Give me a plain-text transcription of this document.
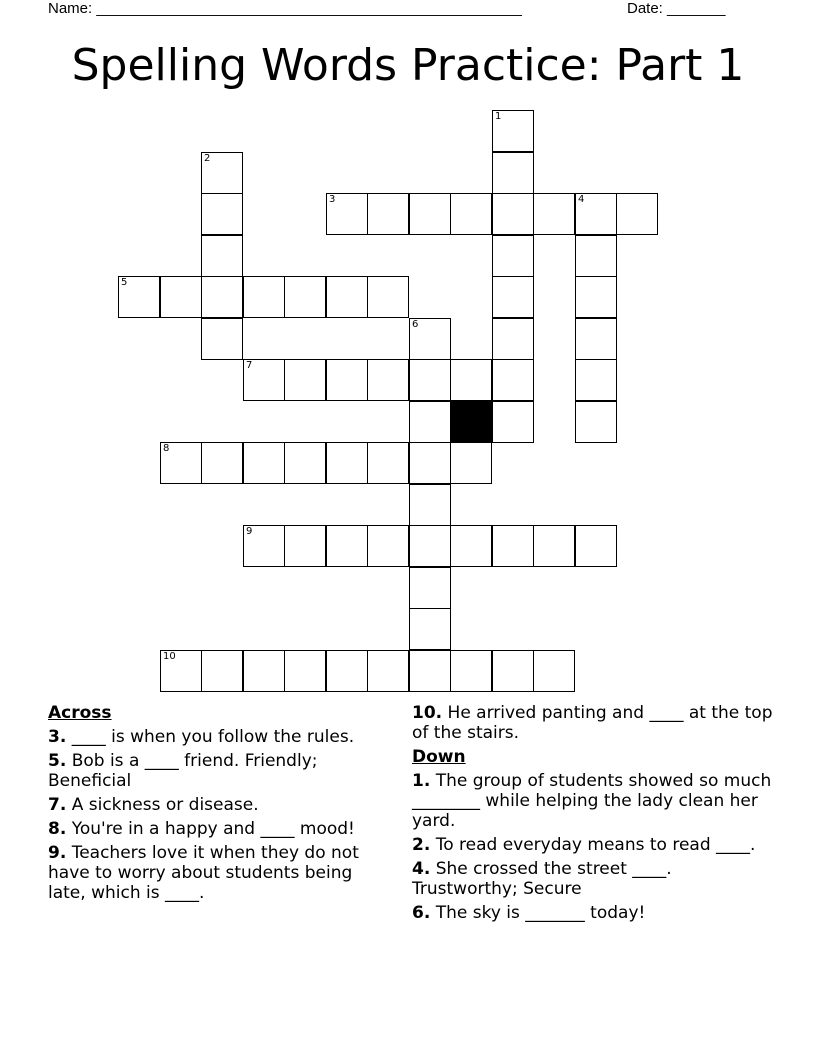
Name: ___________________________________________________	Date: _______
Spelling Words Practice: Part 1
1
2
3	4
5
6
7
8
9
10
Across
3. ____ is when you follow the rules.
5. Bob is a ____ friend. Friendly; Beneficial
7. A sickness or disease.
8. You're in a happy and ____ mood!
9. Teachers love it when they do not have to worry about students being late, which is ____.
10. He arrived panting and ____ at the top of the stairs.
Down
1. The group of students showed so much ________ while helping the lady clean her yard.
2. To read everyday means to read ____.
4. She crossed the street ____. Trustworthy; Secure
6. The sky is _______ today!
